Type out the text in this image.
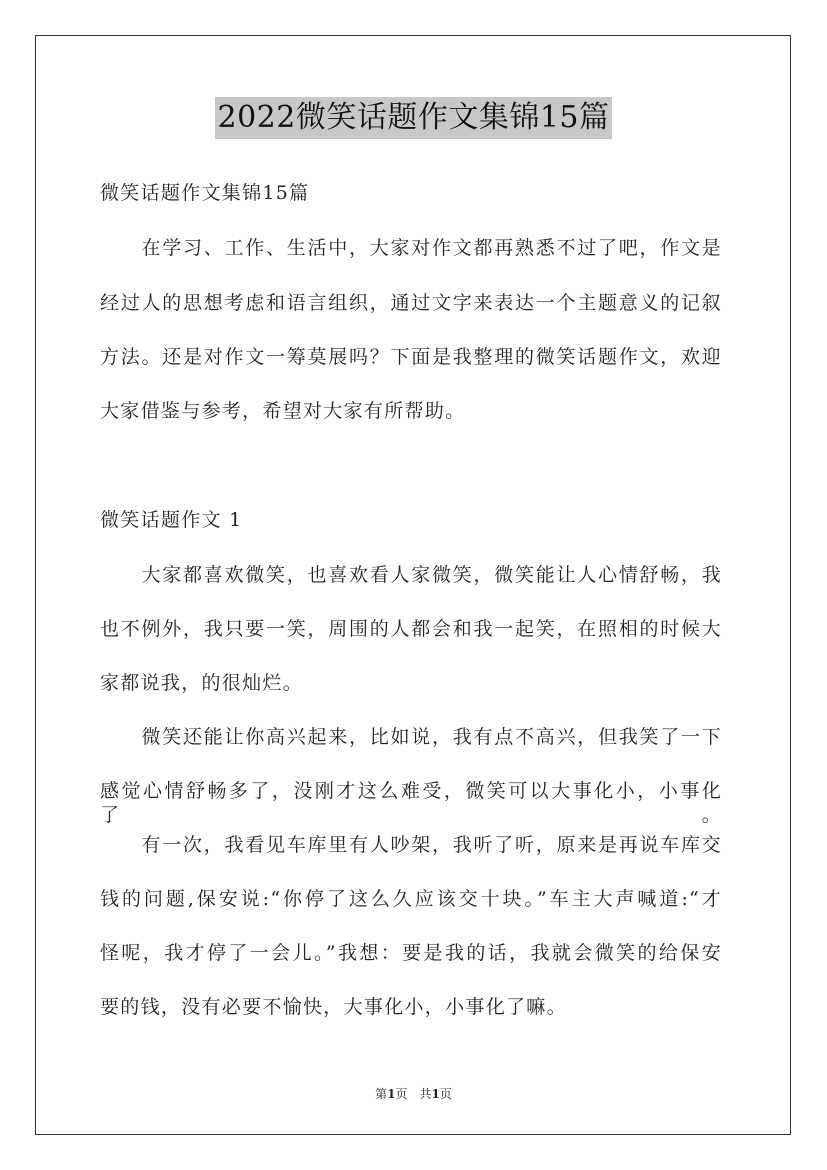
2022微笑话题作文集锦15篇
微笑话题作文集锦15篇
　　在学习、工作、生活中，大家对作文都再熟悉不过了吧，作文是
经过人的思想考虑和语言组织，通过文字来表达一个主题意义的记叙
方法。还是对作文一筹莫展吗？下面是我整理的微笑话题作文，欢迎
大家借鉴与参考，希望对大家有所帮助。
微笑话题作文 1
　　大家都喜欢微笑，也喜欢看人家微笑，微笑能让人心情舒畅，我
也不例外，我只要一笑，周围的人都会和我一起笑，在照相的时候大
家都说我，的很灿烂。
　　微笑还能让你高兴起来，比如说，我有点不高兴，但我笑了一下
感觉心情舒畅多了，没刚才这么难受，微笑可以大事化小，小事化了。
　　有一次，我看见车库里有人吵架，我听了听，原来是再说车库交
钱的问题,保安说:“你停了这么久应该交十块。”车主大声喊道:“才
怪呢，我才停了一会儿。”我想：要是我的话，我就会微笑的给保安
要的钱，没有必要不愉快，大事化小，小事化了嘛。
第1页　共1页
